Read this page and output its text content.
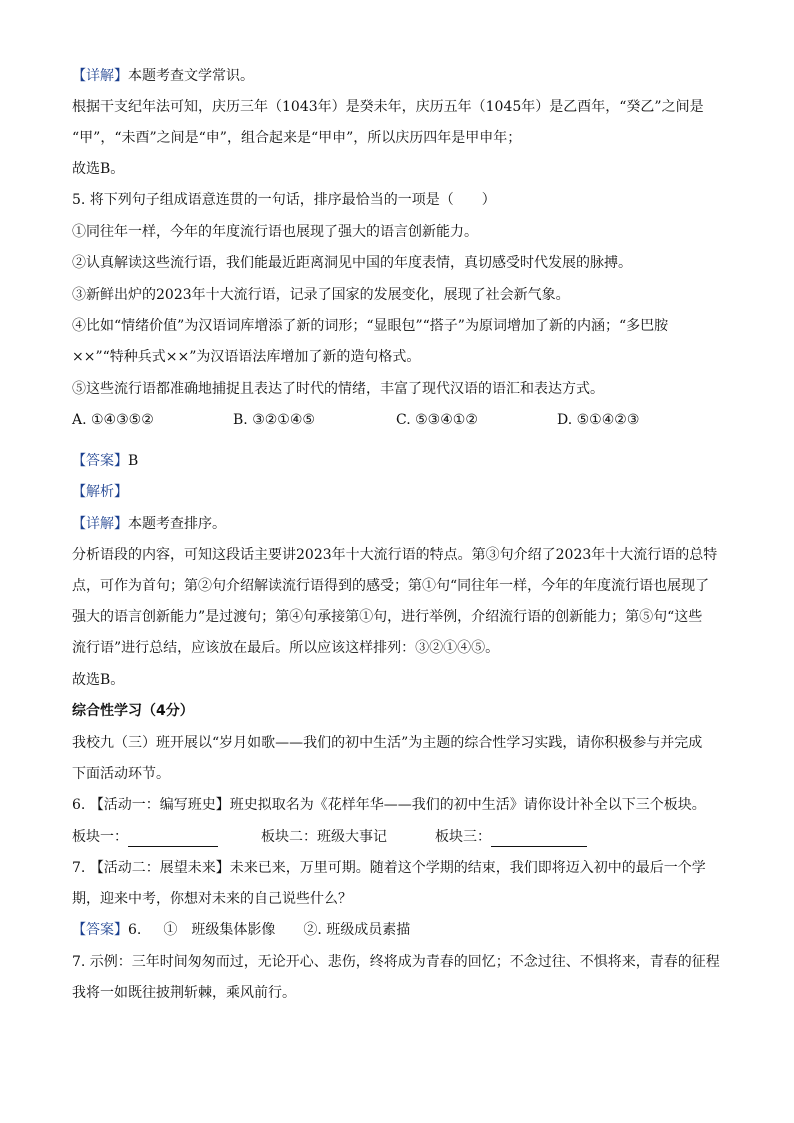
【详解】本题考查文学常识。
根据干支纪年法可知，庆历三年（1043年）是癸未年，庆历五年（1045年）是乙酉年，“癸乙”之间是
“甲”，“未酉”之间是“申”，组合起来是“甲申”，所以庆历四年是甲申年；
故选B。
5. 将下列句子组成语意连贯的一句话，排序最恰当的一项是（　　）
①同往年一样，今年的年度流行语也展现了强大的语言创新能力。
②认真解读这些流行语，我们能最近距离洞见中国的年度表情，真切感受时代发展的脉搏。
③新鲜出炉的2023年十大流行语，记录了国家的发展变化，展现了社会新气象。
④比如“情绪价值”为汉语词库增添了新的词形；“显眼包”“搭子”为原词增加了新的内涵；“多巴胺
××”“特种兵式××”为汉语语法库增加了新的造句格式。
⑤这些流行语都准确地捕捉且表达了时代的情绪，丰富了现代汉语的语汇和表达方式。
A. ①④③⑤②	B. ③②①④⑤	C. ⑤③④①②	D. ⑤①④②③
【答案】B
【解析】
【详解】本题考查排序。
分析语段的内容，可知这段话主要讲2023年十大流行语的特点。第③句介绍了2023年十大流行语的总特
点，可作为首句；第②句介绍解读流行语得到的感受；第①句“同往年一样，今年的年度流行语也展现了
强大的语言创新能力”是过渡句；第④句承接第①句，进行举例，介绍流行语的创新能力；第⑤句“这些
流行语”进行总结，应该放在最后。所以应该这样排列：③②①④⑤。
故选B。
综合性学习（4分）
我校九（三）班开展以“岁月如歌——我们的初中生活”为主题的综合性学习实践，请你积极参与并完成
下面活动环节。
6. 【活动一：编写班史】班史拟取名为《花样年华——我们的初中生活》请你设计补全以下三个板块。
板块一：	板块二：班级大事记	板块三：
7. 【活动二：展望未来】未来已来，万里可期。随着这个学期的结束，我们即将迈入初中的最后一个学
期，迎来中考，你想对未来的自己说些什么？
【答案】6. ①　班级集体影像 ②. 班级成员素描
7. 示例：三年时间匆匆而过，无论开心、悲伤，终将成为青春的回忆；不念过往、不惧将来，青春的征程
我将一如既往披荆斩棘，乘风前行。
